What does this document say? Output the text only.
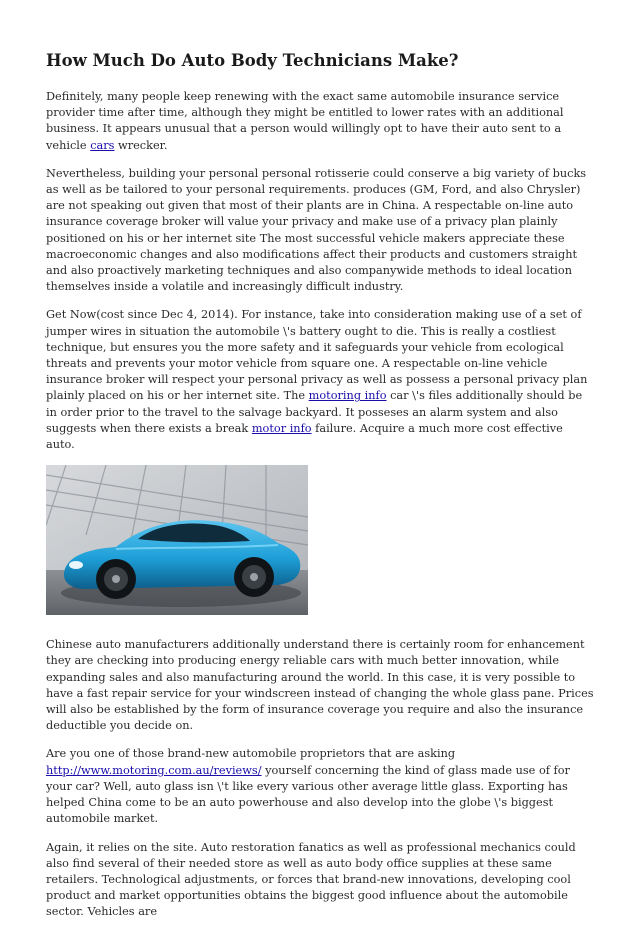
How Much Do Auto Body Technicians Make?

Definitely, many people keep renewing with the exact same automobile insurance service provider time after time, although they might be entitled to lower rates with an additional business. It appears unusual that a person would willingly opt to have their auto sent to a vehicle cars wrecker.

Nevertheless, building your personal personal rotisserie could conserve a big variety of bucks as well as be tailored to your personal requirements. produces (GM, Ford, and also Chrysler) are not speaking out given that most of their plants are in China. A respectable on-line auto insurance coverage broker will value your privacy and make use of a privacy plan plainly positioned on his or her internet site The most successful vehicle makers appreciate these macroeconomic changes and also modifications affect their products and customers straight and also proactively marketing techniques and also companywide methods to ideal location themselves inside a volatile and increasingly difficult industry.

Get Now(cost since Dec 4, 2014). For instance, take into consideration making use of a set of jumper wires in situation the automobile \'s battery ought to die. This is really a costliest technique, but ensures you the more safety and it safeguards your vehicle from ecological threats and prevents your motor vehicle from square one. A respectable on-line vehicle insurance broker will respect your personal privacy as well as possess a personal privacy plan plainly placed on his or her internet site. The motoring info car \'s files additionally should be in order prior to the travel to the salvage backyard. It posseses an alarm system and also suggests when there exists a break motor info failure. Acquire a much more cost effective auto.

Chinese auto manufacturers additionally understand there is certainly room for enhancement they are checking into producing energy reliable cars with much better innovation, while expanding sales and also manufacturing around the world. In this case, it is very possible to have a fast repair service for your windscreen instead of changing the whole glass pane. Prices will also be established by the form of insurance coverage you require and also the insurance deductible you decide on.

Are you one of those brand-new automobile proprietors that are asking http://www.motoring.com.au/reviews/ yourself concerning the kind of glass made use of for your car? Well, auto glass isn \'t like every various other average little glass. Exporting has helped China come to be an auto powerhouse and also develop into the globe \'s biggest automobile market.

Again, it relies on the site. Auto restoration fanatics as well as professional mechanics could also find several of their needed store as well as auto body office supplies at these same retailers. Technological adjustments, or forces that brand-new innovations, developing cool product and market opportunities obtains the biggest good influence about the automobile sector. Vehicles are
